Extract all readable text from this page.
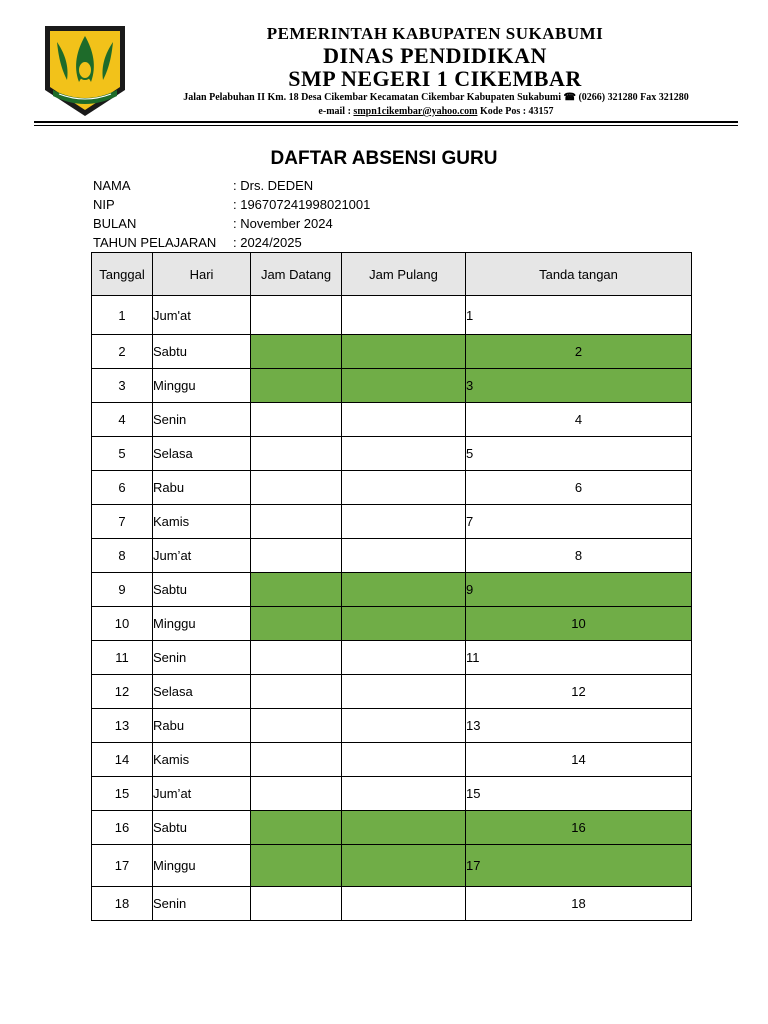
PEMERINTAH KABUPATEN SUKABUMI
DINAS PENDIDIKAN
SMP NEGERI 1 CIKEMBAR
Jalan Pelabuhan II Km. 18 Desa Cikembar Kecamatan Cikembar Kabupaten Sukabumi ☎ (0266) 321280 Fax 321280
e-mail : smpn1cikembar@yahoo.com Kode Pos : 43157
DAFTAR ABSENSI GURU
NAMA	: Drs. DEDEN
NIP	: 196707241998021001
BULAN	: November 2024
TAHUN PELAJARAN	: 2024/2025
Tanggal	Hari	Jam Datang	Jam Pulang	Tanda tangan
1	Jum'at			1
2	Sabtu			2
3	Minggu			3
4	Senin			4
5	Selasa			5
6	Rabu			6
7	Kamis			7
8	Jum’at			8
9	Sabtu			9
10	Minggu			10
11	Senin			11
12	Selasa			12
13	Rabu			13
14	Kamis			14
15	Jum’at			15
16	Sabtu			16
17	Minggu			17
18	Senin			18
